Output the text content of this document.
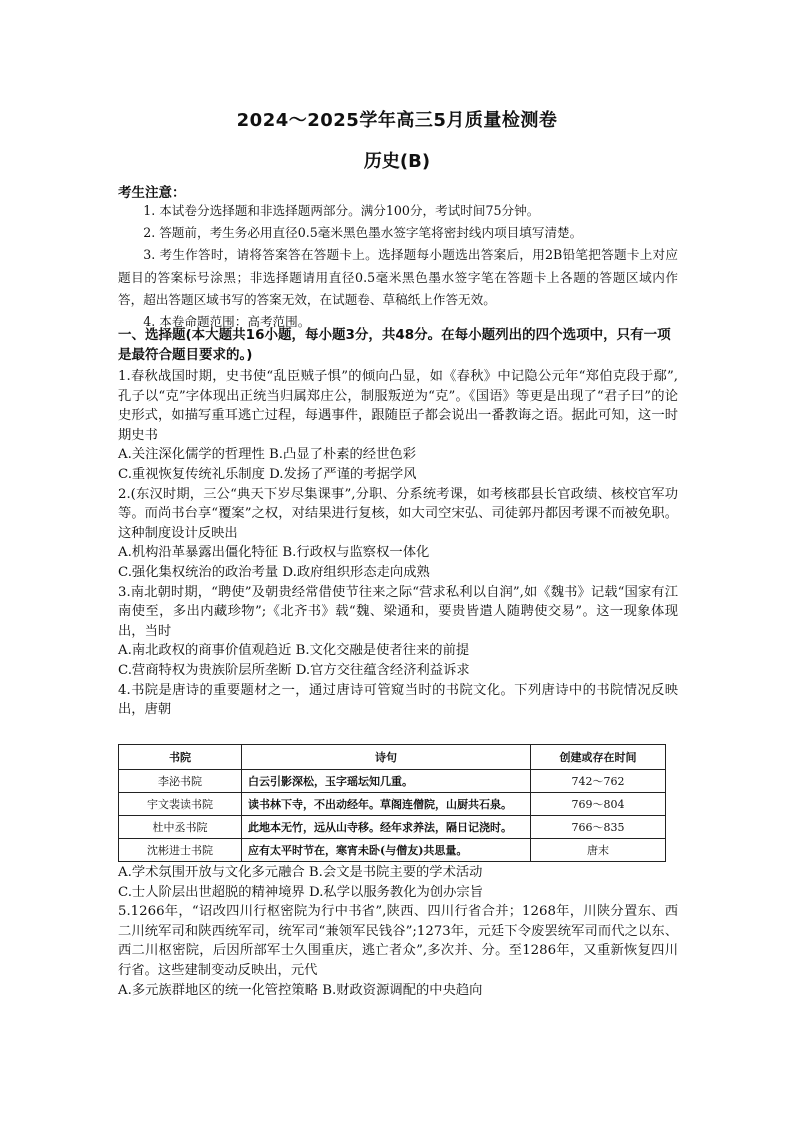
2024～2025学年高三5月质量检测卷
历史(B)
考生注意：

1. 本试卷分选择题和非选择题两部分。满分100分，考试时间75分钟。

2. 答题前，考生务必用直径0.5毫米黑色墨水签字笔将密封线内项目填写清楚。

3. 考生作答时，请将答案答在答题卡上。选择题每小题选出答案后，用2B铅笔把答题卡上对应题目的答案标号涂黑；非选择题请用直径0.5毫米黑色墨水签字笔在答题卡上各题的答题区域内作答，超出答题区域书写的答案无效，在试题卷、草稿纸上作答无效。

4. 本卷命题范围：高考范围。

一、选择题(本大题共16小题，每小题3分，共48分。在每小题列出的四个选项中，只有一项是最符合题目要求的。)

1.春秋战国时期，史书使“乱臣贼子惧”的倾向凸显，如《春秋》中记隐公元年“郑伯克段于鄢”,孔子以“克”字体现出正统当归属郑庄公，制服叛逆为“克”。《国语》等更是出现了“君子曰”的论史形式，如描写重耳逃亡过程，每遇事件，跟随臣子都会说出一番教诲之语。据此可知，这一时期史书

A.关注深化儒学的哲理性 B.凸显了朴素的经世色彩

C.重视恢复传统礼乐制度 D.发扬了严谨的考据学风

2.(东汉时期，三公“典天下岁尽集课事”,分职、分系统考课，如考核郡县长官政绩、核校官军功等。而尚书台享“覆案”之权，对结果进行复核，如大司空宋弘、司徒郭丹都因考课不而被免职。这种制度设计反映出

A.机构沿革暴露出僵化特征 B.行政权与监察权一体化

C.强化集权统治的政治考量 D.政府组织形态走向成熟

3.南北朝时期，“聘使”及朝贵经常借使节往来之际“营求私利以自润”,如《魏书》记载“国家有江南使至，多出内藏珍物”;《北齐书》载“魏、梁通和，要贵皆遣人随聘使交易”。这一现象体现出，当时

A.南北政权的商事价值观趋近 B.文化交融是使者往来的前提

C.营商特权为贵族阶层所垄断 D.官方交往蕴含经济利益诉求

4.书院是唐诗的重要题材之一，通过唐诗可管窥当时的书院文化。下列唐诗中的书院情况反映出，唐朝

书院	诗句	创建或存在时间
李泌书院	白云引影深松，玉字瑶坛知几重。	742～762
宇文裴读书院	读书林下寺，不出动经年。草阁连僧院，山厨共石泉。	769～804
杜中丞书院	此地本无竹，远从山寺移。经年求养法，隔日记浇时。	766～835
沈彬进士书院	应有太平时节在，寒宵未卧(与僧友)共思量。	唐末

A.学术氛围开放与文化多元融合 B.会文是书院主要的学术活动

C.士人阶层出世超脱的精神境界 D.私学以服务教化为创办宗旨

5.1266年，“诏改四川行枢密院为行中书省”,陕西、四川行省合并；1268年，川陕分置东、西二川统军司和陕西统军司，统军司“兼领军民钱谷”;1273年，元廷下令废罢统军司而代之以东、西二川枢密院，后因所部军士久围重庆，逃亡者众”,多次并、分。至1286年，又重新恢复四川行省。这些建制变动反映出，元代

A.多元族群地区的统一化管控策略 B.财政资源调配的中央趋向
